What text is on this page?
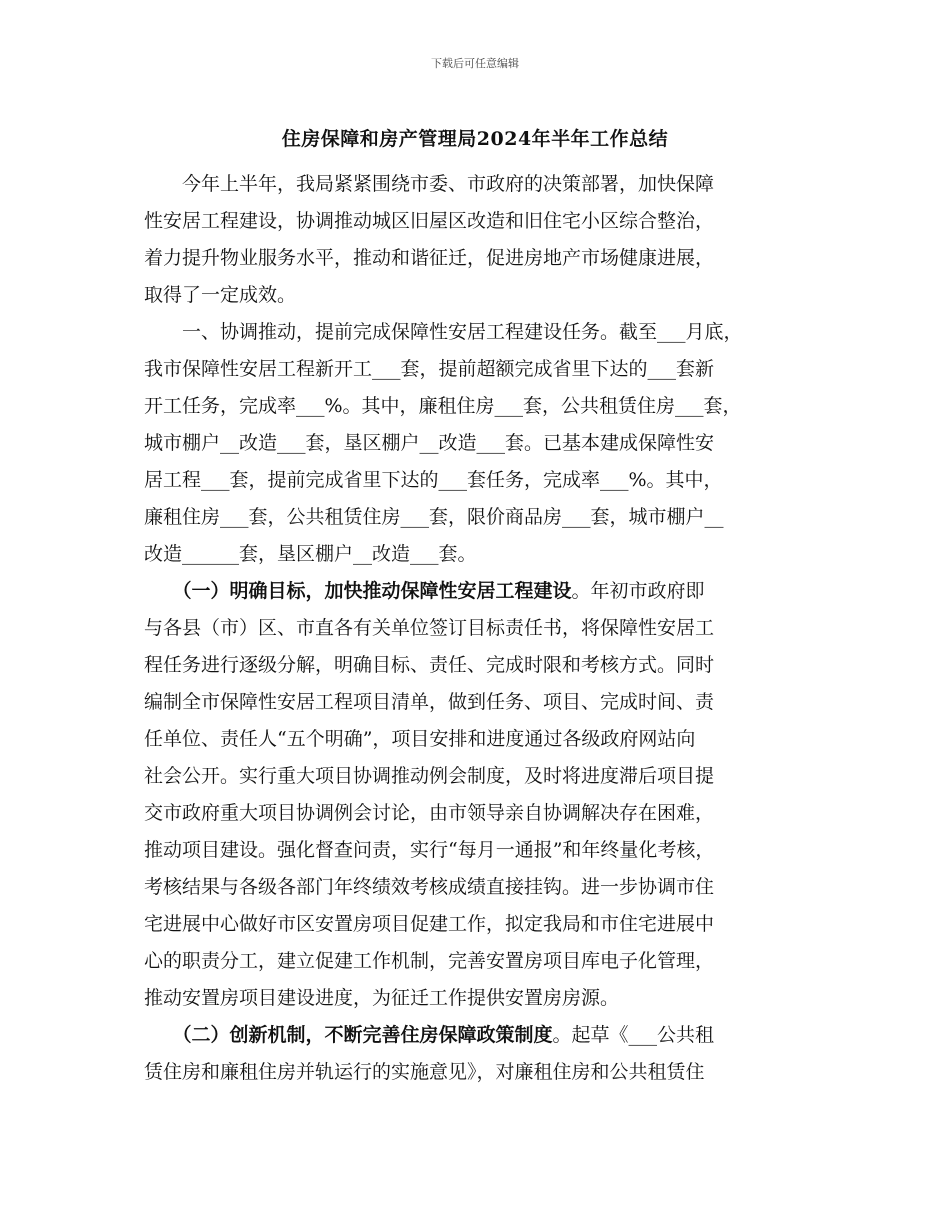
下载后可任意编辑
住房保障和房产管理局2024年半年工作总结
　　今年上半年，我局紧紧围绕市委、市政府的决策部署，加快保障
性安居工程建设，协调推动城区旧屋区改造和旧住宅小区综合整治，
着力提升物业服务水平，推动和谐征迁，促进房地产市场健康进展，
取得了一定成效。
　　一、协调推动，提前完成保障性安居工程建设任务。截至___月底，
我市保障性安居工程新开工___套，提前超额完成省里下达的___套新
开工任务，完成率___%。其中，廉租住房___套，公共租赁住房___套，
城市棚户__改造___套，垦区棚户__改造___套。已基本建成保障性安
居工程___套，提前完成省里下达的___套任务，完成率___%。其中，
廉租住房___套，公共租赁住房___套，限价商品房___套，城市棚户__
改造______套，垦区棚户__改造___套。
　　（一）明确目标，加快推动保障性安居工程建设。年初市政府即
与各县（市）区、市直各有关单位签订目标责任书，将保障性安居工
程任务进行逐级分解，明确目标、责任、完成时限和考核方式。同时
编制全市保障性安居工程项目清单，做到任务、项目、完成时间、责
任单位、责任人“五个明确”，项目安排和进度通过各级政府网站向
社会公开。实行重大项目协调推动例会制度，及时将进度滞后项目提
交市政府重大项目协调例会讨论，由市领导亲自协调解决存在困难，
推动项目建设。强化督查问责，实行“每月一通报”和年终量化考核，
考核结果与各级各部门年终绩效考核成绩直接挂钩。进一步协调市住
宅进展中心做好市区安置房项目促建工作，拟定我局和市住宅进展中
心的职责分工，建立促建工作机制，完善安置房项目库电子化管理，
推动安置房项目建设进度，为征迁工作提供安置房房源。
　　（二）创新机制，不断完善住房保障政策制度。起草《___公共租
赁住房和廉租住房并轨运行的实施意见》，对廉租住房和公共租赁住
